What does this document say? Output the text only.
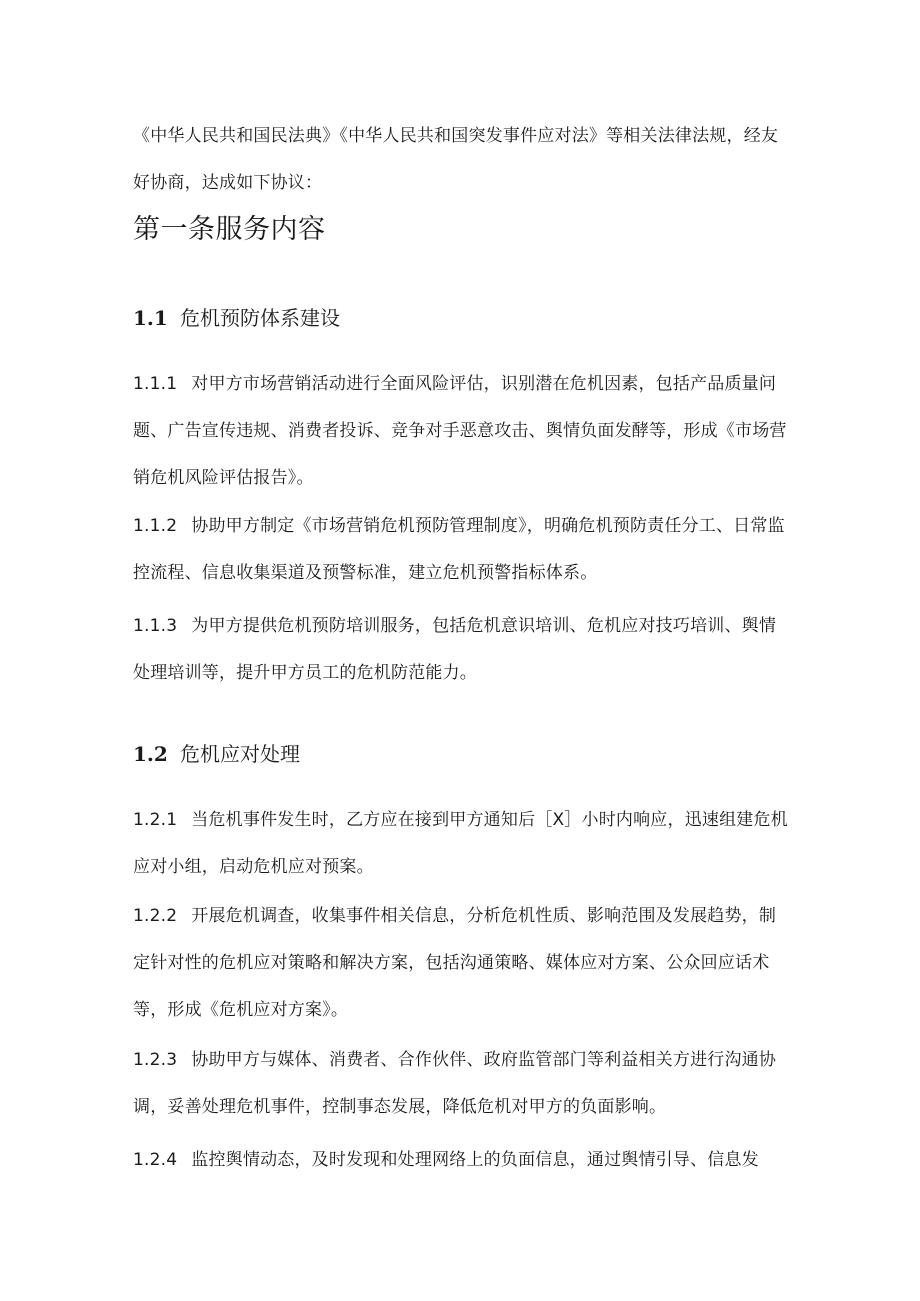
《中华人民共和国民法典》《中华人民共和国突发事件应对法》等相关法律法规，经友好协商，达成如下协议：

第一条服务内容
1.1 危机预防体系建设

1.1.1 对甲方市场营销活动进行全面风险评估，识别潜在危机因素，包括产品质量问题、广告宣传违规、消费者投诉、竞争对手恶意攻击、舆情负面发酵等，形成《市场营销危机风险评估报告》。

1.1.2 协助甲方制定《市场营销危机预防管理制度》，明确危机预防责任分工、日常监控流程、信息收集渠道及预警标准，建立危机预警指标体系。

1.1.3 为甲方提供危机预防培训服务，包括危机意识培训、危机应对技巧培训、舆情处理培训等，提升甲方员工的危机防范能力。

1.2 危机应对处理

1.2.1 当危机事件发生时，乙方应在接到甲方通知后［X］小时内响应，迅速组建危机应对小组，启动危机应对预案。

1.2.2 开展危机调查，收集事件相关信息，分析危机性质、影响范围及发展趋势，制定针对性的危机应对策略和解决方案，包括沟通策略、媒体应对方案、公众回应话术等，形成《危机应对方案》。

1.2.3 协助甲方与媒体、消费者、合作伙伴、政府监管部门等利益相关方进行沟通协调，妥善处理危机事件，控制事态发展，降低危机对甲方的负面影响。

1.2.4 监控舆情动态，及时发现和处理网络上的负面信息，通过舆情引导、信息发
